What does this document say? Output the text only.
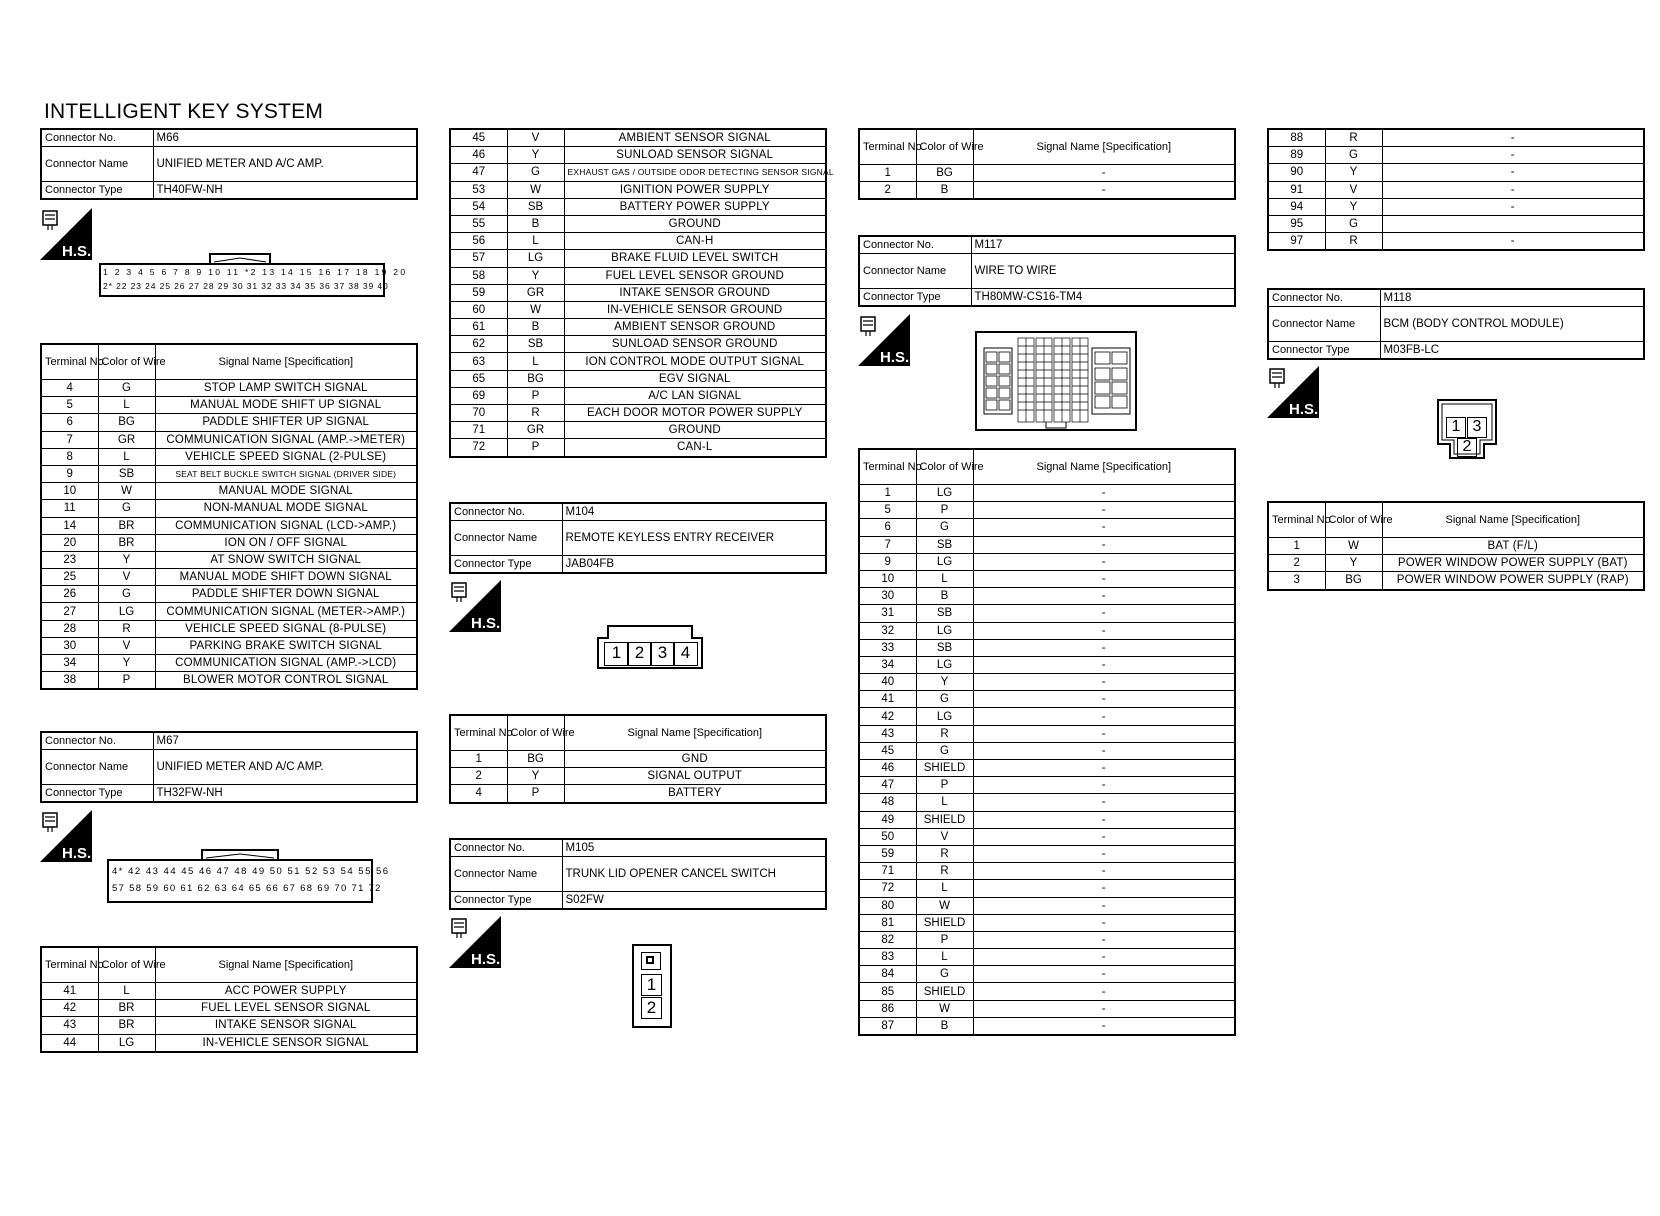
INTELLIGENT KEY SYSTEM
Connector No.	M66
Connector Name	UNIFIED METER AND A/C AMP.
Connector Type	TH40FW-NH
H.S.
1 2 3 4 5 6 7 8 9 10 11 *2 13 14 15 16 17 18 19 20
2* 22 23 24 25 26 27 28 29 30 31 32 33 34 35 36 37 38 39 40
Terminal No.	Color of Wire	Signal Name [Specification]
4	G	STOP LAMP SWITCH SIGNAL
5	L	MANUAL MODE SHIFT UP SIGNAL
6	BG	PADDLE SHIFTER UP SIGNAL
7	GR	COMMUNICATION SIGNAL (AMP.->METER)
8	L	VEHICLE SPEED SIGNAL (2-PULSE)
9	SB	SEAT BELT BUCKLE SWITCH SIGNAL (DRIVER SIDE)
10	W	MANUAL MODE SIGNAL
11	G	NON-MANUAL MODE SIGNAL
14	BR	COMMUNICATION SIGNAL (LCD->AMP.)
20	BR	ION ON / OFF SIGNAL
23	Y	AT SNOW SWITCH SIGNAL
25	V	MANUAL MODE SHIFT DOWN SIGNAL
26	G	PADDLE SHIFTER DOWN SIGNAL
27	LG	COMMUNICATION SIGNAL (METER->AMP.)
28	R	VEHICLE SPEED SIGNAL (8-PULSE)
30	V	PARKING BRAKE SWITCH SIGNAL
34	Y	COMMUNICATION SIGNAL (AMP.->LCD)
38	P	BLOWER MOTOR CONTROL SIGNAL
Connector No.	M67
Connector Name	UNIFIED METER AND A/C AMP.
Connector Type	TH32FW-NH
H.S.
4* 42 43 44 45 46 47 48 49 50 51 52 53 54 55 56
57 58 59 60 61 62 63 64 65 66 67 68 69 70 71 72
Terminal No.	Color of Wire	Signal Name [Specification]
41	L	ACC POWER SUPPLY
42	BR	FUEL LEVEL SENSOR SIGNAL
43	BR	INTAKE SENSOR SIGNAL
44	LG	IN-VEHICLE SENSOR SIGNAL
45	V	AMBIENT SENSOR SIGNAL
46	Y	SUNLOAD SENSOR SIGNAL
47	G	EXHAUST GAS / OUTSIDE ODOR DETECTING SENSOR SIGNAL
53	W	IGNITION POWER SUPPLY
54	SB	BATTERY POWER SUPPLY
55	B	GROUND
56	L	CAN-H
57	LG	BRAKE FLUID LEVEL SWITCH
58	Y	FUEL LEVEL SENSOR GROUND
59	GR	INTAKE SENSOR GROUND
60	W	IN-VEHICLE SENSOR GROUND
61	B	AMBIENT SENSOR GROUND
62	SB	SUNLOAD SENSOR GROUND
63	L	ION CONTROL MODE OUTPUT SIGNAL
65	BG	EGV SIGNAL
69	P	A/C LAN SIGNAL
70	R	EACH DOOR MOTOR POWER SUPPLY
71	GR	GROUND
72	P	CAN-L
Connector No.	M104
Connector Name	REMOTE KEYLESS ENTRY RECEIVER
Connector Type	JAB04FB
H.S.
1 2 3 4
Terminal No.	Color of Wire	Signal Name [Specification]
1	BG	GND
2	Y	SIGNAL OUTPUT
4	P	BATTERY
Connector No.	M105
Connector Name	TRUNK LID OPENER CANCEL SWITCH
Connector Type	S02FW
H.S.
1
2
Terminal No.	Color of Wire	Signal Name [Specification]
1	BG	-
2	B	-
Connector No.	M117
Connector Name	WIRE TO WIRE
Connector Type	TH80MW-CS16-TM4
H.S.
Terminal No.	Color of Wire	Signal Name [Specification]
1	LG	-
5	P	-
6	G	-
7	SB	-
9	LG	-
10	L	-
30	B	-
31	SB	-
32	LG	-
33	SB	-
34	LG	-
40	Y	-
41	G	-
42	LG	-
43	R	-
45	G	-
46	SHIELD	-
47	P	-
48	L	-
49	SHIELD	-
50	V	-
59	R	-
71	R	-
72	L	-
80	W	-
81	SHIELD	-
82	P	-
83	L	-
84	G	-
85	SHIELD	-
86	W	-
87	B	-
88	R	-
89	G	-
90	Y	-
91	V	-
94	Y	-
95	G	
97	R	-
Connector No.	M118
Connector Name	BCM (BODY CONTROL MODULE)
Connector Type	M03FB-LC
H.S.
1 3
2
Terminal No.	Color of Wire	Signal Name [Specification]
1	W	BAT (F/L)
2	Y	POWER WINDOW POWER SUPPLY (BAT)
3	BG	POWER WINDOW POWER SUPPLY (RAP)
